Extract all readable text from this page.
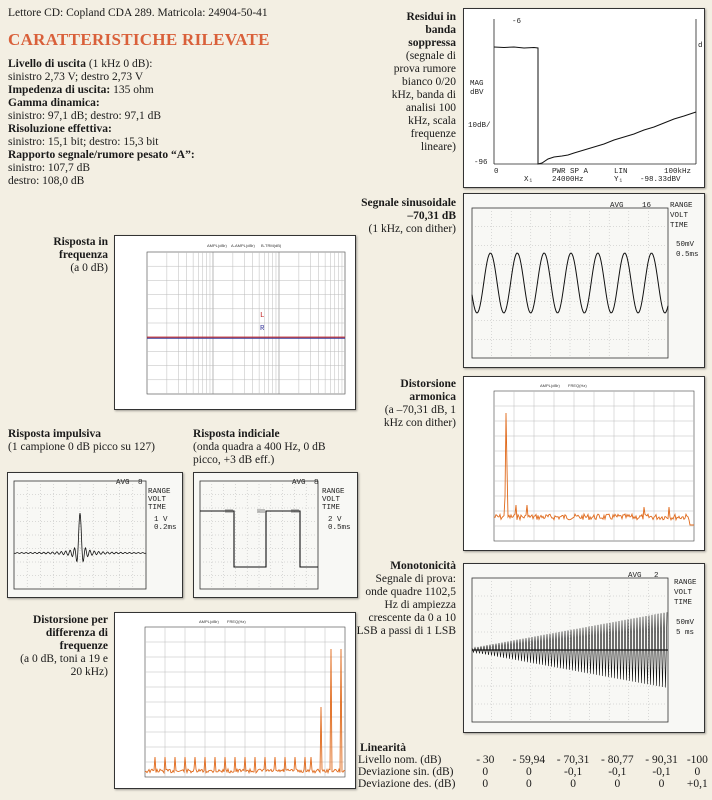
Lettore CD: Copland CDA 289. Matricola: 24904-50-41
CARATTERISTICHE RILEVATE
Livello di uscita (1 kHz 0 dB):
sinistro 2,73 V; destro 2,73 V
Impedenza di uscita: 135 ohm
Gamma dinamica:
sinistro: 97,1 dB; destro: 97,1 dB
Risoluzione effettiva:
sinistro: 15,1 bit; destro: 15,3 bit
Rapporto segnale/rumore pesato “A”:
sinistro: 107,7 dB
destro: 108,0 dB
Residui in banda soppressa
(segnale di prova rumore bianco 0/20 kHz, banda di analisi 100 kHz, scala frequenze lineare)
-6
MAG
dBV
10dB/
-96
d
0	100kHz
X₁
PWR SP A
24000Hz
LIN
Y₁ -98.33dBV
Segnale sinusoidale –70,31 dB
(1 kHz, con dither)
AVG 16	RANGE
VOLT
TIME
50mV
0.5ms
Risposta in frequenza
(a 0 dB)
AMPL(dBr) A-AMPL(dBr) B-TRM(dB)
L
R
Distorsione armonica
(a –70,31 dB, 1 kHz con dither)
AMPL(dBr) FREQ(Hz)
Risposta impulsiva
(1 campione 0 dB picco su 127)
Risposta indiciale
(onda quadra a 400 Hz, 0 dB picco, +3 dB eff.)
AVG 8
RANGE
VOLT
TIME
1 V
0.2ms
AVG 8
RANGE
VOLT
TIME
2 V
0.5ms
Monotonicità
Segnale di prova: onde quadre 1102,5 Hz di ampiezza crescente da 0 a 10 LSB a passi di 1 LSB
AVG 2
RANGE
VOLT
TIME
50mV
5 ms
Distorsione per differenza di frequenze
(a 0 dB, toni a 19 e 20 kHz)
AMPL(dBr) FREQ(Hz)
Linearità
Livello nom. (dB)	- 30	- 59,94	- 70,31	- 80,77	- 90,31	-100
Deviazione sin. (dB)	0	0	-0,1	-0,1	-0,1	0
Deviazione des. (dB)	0	0	0	0	0	+0,1
